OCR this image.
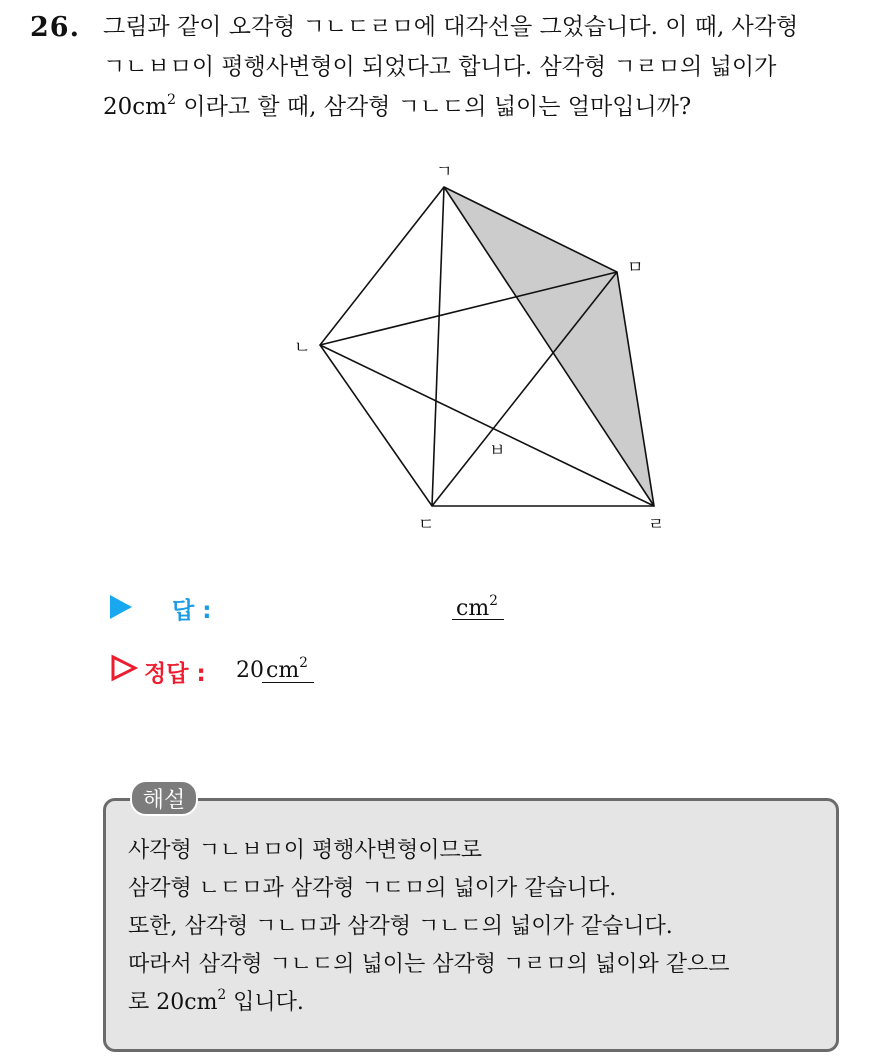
26. 그림과 같이 오각형 ㄱㄴㄷㄹㅁ에 대각선을 그었습니다. 이 때, 사각형
ㄱㄴㅂㅁ이 평행사변형이 되었다고 합니다. 삼각형 ㄱㄹㅁ의 넓이가
$20cm^2$ 이라고 할 때, 삼각형 ㄱㄴㄷ의 넓이는 얼마입니까?
ㄱ
ㅁ
ㄴ
ㅂ
ㄷ	ㄹ
답 :	$cm^2$
정답 : 20 $cm^2$
해설
사각형 ㄱㄴㅂㅁ이 평행사변형이므로
삼각형 ㄴㄷㅁ과 삼각형 ㄱㄷㅁ의 넓이가 같습니다.
또한, 삼각형 ㄱㄴㅁ과 삼각형 ㄱㄴㄷ의 넓이가 같습니다.
따라서 삼각형 ㄱㄴㄷ의 넓이는 삼각형 ㄱㄹㅁ의 넓이와 같으므
로 $20cm^2$ 입니다.
